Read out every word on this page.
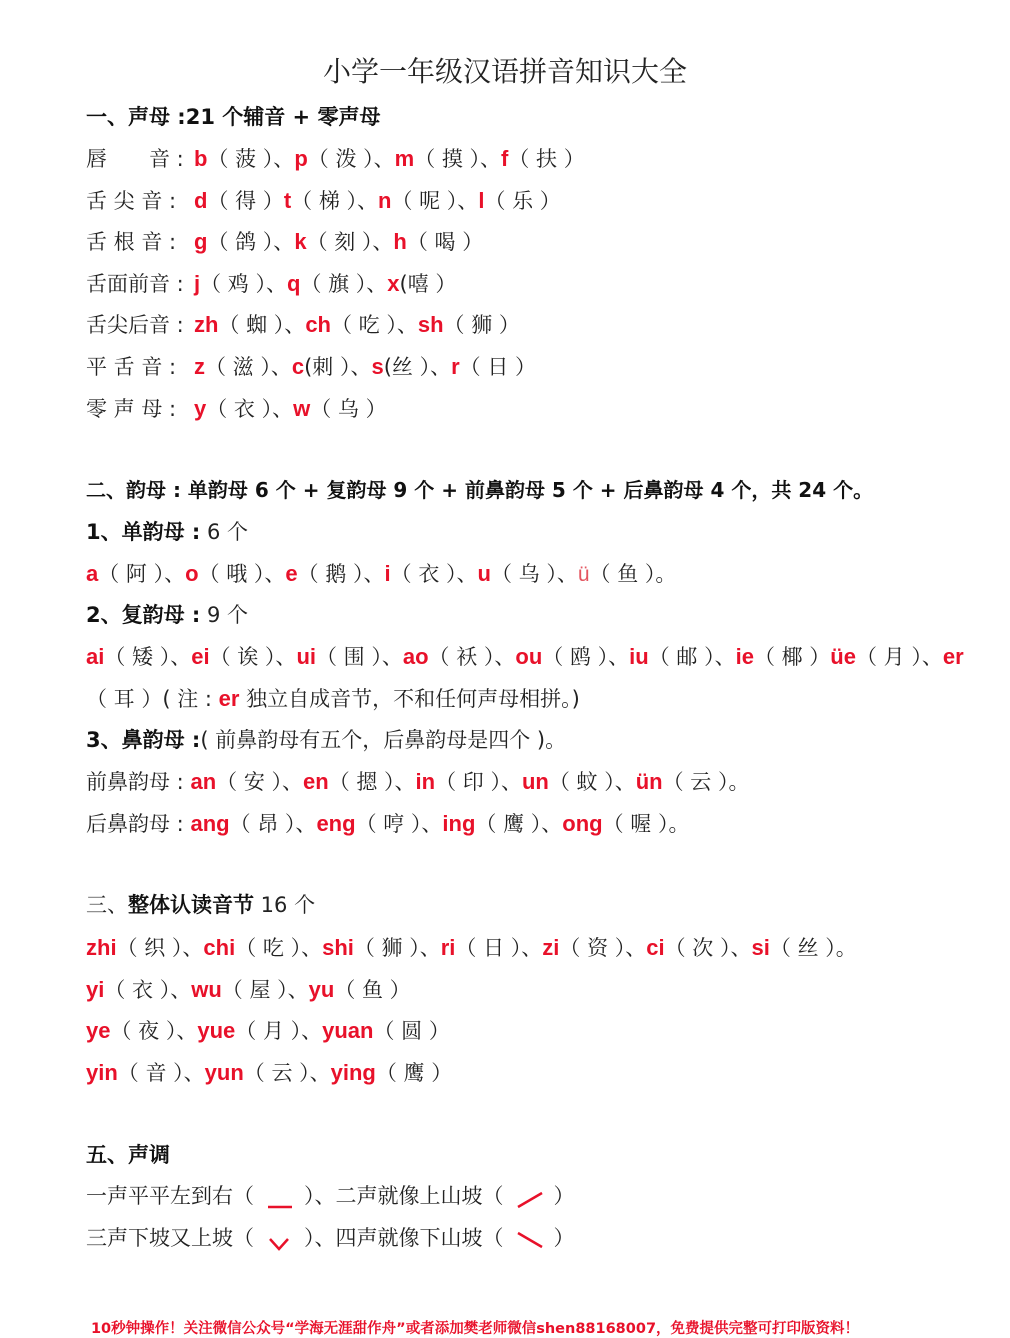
小学一年级汉语拼音知识大全
一、声母 :21 个辅音 + 零声母
唇　　音 : b（ 菠 ）、p（ 泼 ）、m（ 摸 ）、f（ 扶 ）
舌 尖 音 : d（ 得 ）t（ 梯 ）、n（ 呢 ）、l（ 乐 ）
舌 根 音 : g（ 鸽 ）、k（ 刻 ）、h（ 喝 ）
舌面前音 : j（ 鸡 ）、q（ 旗 ）、x(嘻 ）
舌尖后音 : zh（ 蜘 ）、ch（ 吃 ）、sh（ 狮 ）
平 舌 音 : z（ 滋 ）、c(刺 ）、s(丝 ）、r（ 日 ）
零 声 母 : y（ 衣 ）、w（ 乌 ）
二、韵母 : 单韵母 6 个 + 复韵母 9 个 + 前鼻韵母 5 个 + 后鼻韵母 4 个，共 24 个。
1、单韵母 : 6 个
a（ 阿 ）、o（ 哦 ）、e（ 鹅 ）、i（ 衣 ）、u（ 乌 ）、ü（ 鱼 ）。
2、复韵母 : 9 个
ai（ 矮 ）、ei（ 诶 ）、ui（ 围 ）、ao（ 袄 ）、ou（ 鸥 ）、iu（ 邮 ）、ie（ 椰 ）üe（ 月 ）、er
（ 耳 ）( 注 : er 独立自成音节，不和任何声母相拼。)
3、鼻韵母 :( 前鼻韵母有五个，后鼻韵母是四个 )。
前鼻韵母 : an（ 安 ）、en（ 摁 ）、in（ 印 ）、un（ 蚊 ）、ün（ 云 ）。
后鼻韵母 : ang（ 昂 ）、eng（ 哼 ）、ing（ 鹰 ）、ong（ 喔 ）。
三、整体认读音节 16 个
zhi（ 织 ）、chi（ 吃 ）、shi（ 狮 ）、ri（ 日 ）、zi（ 资 ）、ci（ 次 ）、si（ 丝 ）。
yi（ 衣 ）、wu（ 屋 ）、yu（ 鱼 ）
ye（ 夜 ）、yue（ 月 ）、yuan（ 圆 ）
yin（ 音 ）、yun（ 云 ）、ying（ 鹰 ）
五、声调
一声平平左到右（ ）、二声就像上山坡（ ）
三声下坡又上坡（ ）、四声就像下山坡（ ）
10秒钟操作！关注微信公众号“学海无涯甜作舟”或者添加樊老师微信shen88168007，免费提供完整可打印版资料！
